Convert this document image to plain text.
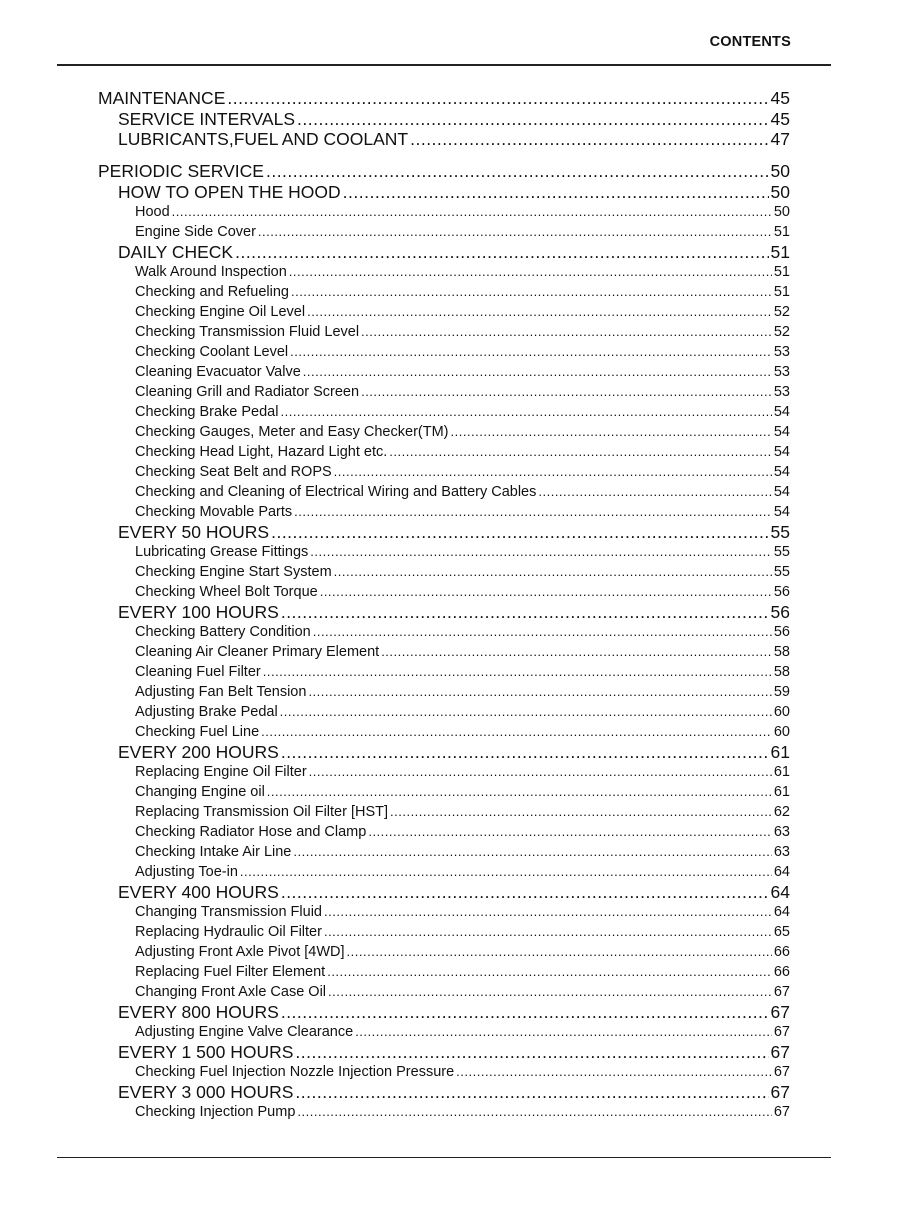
CONTENTS
MAINTENANCE .....	45
SERVICE INTERVALS .....	45
LUBRICANTS,FUEL AND COOLANT .....	47
PERIODIC SERVICE .....	50
HOW TO OPEN THE HOOD .....	50
Hood .....	50
Engine Side Cover .....	51
DAILY CHECK .....	51
Walk Around Inspection .....	51
Checking and Refueling .....	51
Checking Engine Oil Level .....	52
Checking Transmission Fluid Level .....	52
Checking Coolant Level .....	53
Cleaning Evacuator Valve .....	53
Cleaning Grill and Radiator Screen .....	53
Checking Brake Pedal .....	54
Checking Gauges, Meter and Easy Checker(TM) .....	54
Checking Head Light, Hazard Light etc. .....	54
Checking Seat Belt and ROPS .....	54
Checking and Cleaning of Electrical Wiring and Battery Cables .....	54
Checking Movable Parts .....	54
EVERY 50 HOURS .....	55
Lubricating Grease Fittings .....	55
Checking Engine Start System .....	55
Checking Wheel Bolt Torque .....	56
EVERY 100 HOURS .....	56
Checking Battery Condition .....	56
Cleaning Air Cleaner Primary Element .....	58
Cleaning Fuel Filter .....	58
Adjusting Fan Belt Tension .....	59
Adjusting Brake Pedal .....	60
Checking Fuel Line .....	60
EVERY 200 HOURS .....	61
Replacing Engine Oil Filter .....	61
Changing Engine oil .....	61
Replacing Transmission Oil Filter [HST] .....	62
Checking Radiator Hose and Clamp .....	63
Checking Intake Air Line .....	63
Adjusting Toe-in .....	64
EVERY 400 HOURS .....	64
Changing Transmission Fluid .....	64
Replacing Hydraulic Oil Filter .....	65
Adjusting Front Axle Pivot [4WD] .....	66
Replacing Fuel Filter Element .....	66
Changing Front Axle Case Oil .....	67
EVERY 800 HOURS .....	67
Adjusting Engine Valve Clearance .....	67
EVERY 1 500 HOURS .....	67
Checking Fuel Injection Nozzle Injection Pressure .....	67
EVERY 3 000 HOURS .....	67
Checking Injection Pump .....	67
